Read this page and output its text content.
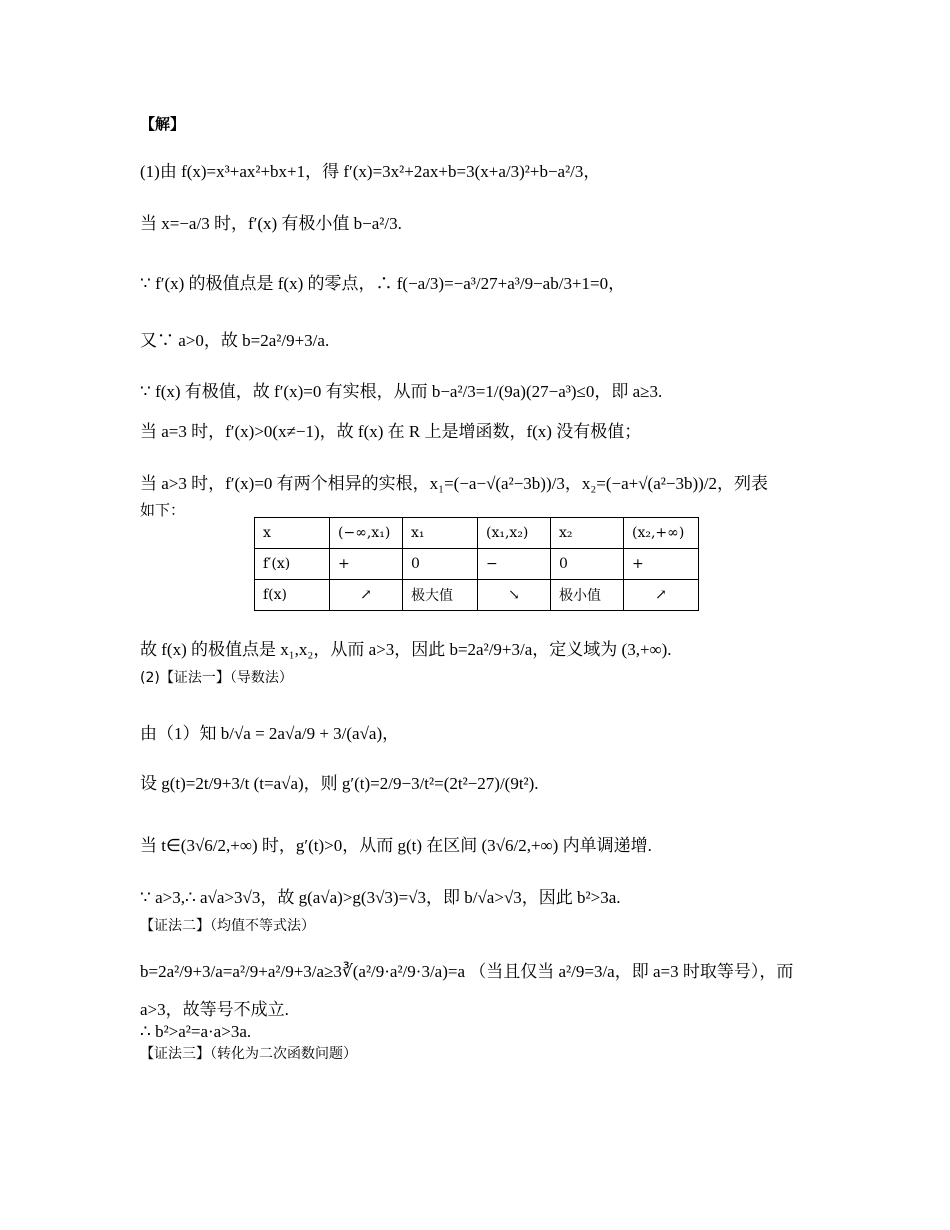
【解】
(1)由 f(x)=x³+ax²+bx+1，得 f′(x)=3x²+2ax+b=3(x+a/3)²+b−a²/3，
当 x=−a/3 时，f′(x) 有极小值 b−a²/3.
∵ f′(x) 的极值点是 f(x) 的零点，∴ f(−a/3)=−a³/27+a³/9−ab/3+1=0，
又∵ a>0，故 b=2a²/9+3/a.
∵ f(x) 有极值，故 f′(x)=0 有实根，从而 b−a²/3=1/(9a)(27−a³)≤0，即 a≥3.
当 a=3 时，f′(x)>0(x≠−1)，故 f(x) 在 R 上是增函数，f(x) 没有极值；
当 a>3 时，f′(x)=0 有两个相异的实根，x₁=(−a−√(a²−3b))/3，x₂=(−a+√(a²−3b))/2，列表
如下：
x	(−∞,x₁)	x₁	(x₁,x₂)	x₂	(x₂,+∞)
f′(x)	+	0	−	0	+
f(x)	↗	极大值	↘	极小值	↗
故 f(x) 的极值点是 x₁,x₂，从而 a>3，因此 b=2a²/9+3/a，定义域为 (3,+∞).
(2)【证法一】（导数法）
由（1）知 b/√a = 2a√a/9 + 3/(a√a)，
设 g(t)=2t/9+3/t (t=a√a)，则 g′(t)=2/9−3/t²=(2t²−27)/(9t²).
当 t∈(3√6/2,+∞) 时，g′(t)>0，从而 g(t) 在区间 (3√6/2,+∞) 内单调递增.
∵ a>3,∴ a√a>3√3，故 g(a√a)>g(3√3)=√3，即 b/√a>√3，因此 b²>3a.
【证法二】（均值不等式法）
b=2a²/9+3/a=a²/9+a²/9+3/a≥3∛(a²/9·a²/9·3/a)=a （当且仅当 a²/9=3/a，即 a=3 时取等号），而
a>3，故等号不成立.
∴ b²>a²=a·a>3a.
【证法三】（转化为二次函数问题）
